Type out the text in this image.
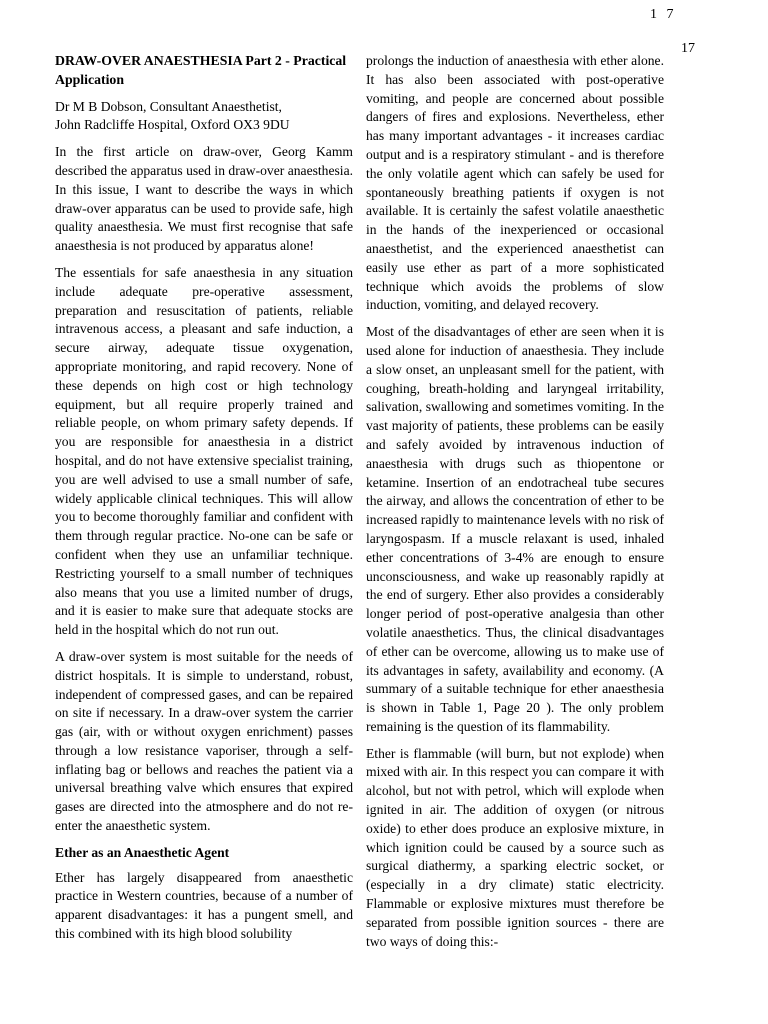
1 7
17
DRAW-OVER ANAESTHESIA Part 2 - Practical Application

Dr M B Dobson, Consultant Anaesthetist,

John Radcliffe Hospital, Oxford OX3 9DU

In the first article on draw-over, Georg Kamm described the apparatus used in draw-over anaesthesia. In this issue, I want to describe the ways in which draw-over apparatus can be used to provide safe, high quality anaesthesia. We must first recognise that safe anaesthesia is not produced by apparatus alone!

The essentials for safe anaesthesia in any situation include adequate pre-operative assessment, preparation and resuscitation of patients, reliable intravenous access, a pleasant and safe induction, a secure airway, adequate tissue oxygenation, appropriate monitoring, and rapid recovery. None of these depends on high cost or high technology equipment, but all require properly trained and reliable people, on whom primary safety depends. If you are responsible for anaesthesia in a district hospital, and do not have extensive specialist training, you are well advised to use a small number of safe, widely applicable clinical techniques. This will allow you to become thoroughly familiar and confident with them through regular practice. No-one can be safe or confident when they use an unfamiliar technique. Restricting yourself to a small number of techniques also means that you use a limited number of drugs, and it is easier to make sure that adequate stocks are held in the hospital which do not run out.

A draw-over system is most suitable for the needs of district hospitals. It is simple to understand, robust, independent of compressed gases, and can be repaired on site if necessary. In a draw-over system the carrier gas (air, with or without oxygen enrichment) passes through a low resistance vaporiser, through a self-inflating bag or bellows and reaches the patient via a universal breathing valve which ensures that expired gases are directed into the atmosphere and do not re-enter the anaesthetic system.

Ether as an Anaesthetic Agent

Ether has largely disappeared from anaesthetic practice in Western countries, because of a number of apparent disadvantages: it has a pungent smell, and this combined with its high blood solubility

prolongs the induction of anaesthesia with ether alone. It has also been associated with post-operative vomiting, and people are concerned about possible dangers of fires and explosions. Nevertheless, ether has many important advantages - it increases cardiac output and is a respiratory stimulant - and is therefore the only volatile agent which can safely be used for spontaneously breathing patients if oxygen is not available. It is certainly the safest volatile anaesthetic in the hands of the inexperienced or occasional anaesthetist, and the experienced anaesthetist can easily use ether as part of a more sophisticated technique which avoids the problems of slow induction, vomiting, and delayed recovery.

Most of the disadvantages of ether are seen when it is used alone for induction of anaesthesia. They include a slow onset, an unpleasant smell for the patient, with coughing, breath-holding and laryngeal irritability, salivation, swallowing and sometimes vomiting. In the vast majority of patients, these problems can be easily and safely avoided by intravenous induction of anaesthesia with drugs such as thiopentone or ketamine. Insertion of an endotracheal tube secures the airway, and allows the concentration of ether to be increased rapidly to maintenance levels with no risk of laryngospasm. If a muscle relaxant is used, inhaled ether concentrations of 3-4% are enough to ensure unconsciousness, and wake up reasonably rapidly at the end of surgery. Ether also provides a considerably longer period of post-operative analgesia than other volatile anaesthetics. Thus, the clinical disadvantages of ether can be overcome, allowing us to make use of its advantages in safety, availability and economy. (A summary of a suitable technique for ether anaesthesia is shown in Table 1, Page 20 ). The only problem remaining is the question of its flammability.

Ether is flammable (will burn, but not explode) when mixed with air. In this respect you can compare it with alcohol, but not with petrol, which will explode when ignited in air. The addition of oxygen (or nitrous oxide) to ether does produce an explosive mixture, in which ignition could be caused by a source such as surgical diathermy, a sparking electric socket, or (especially in a dry climate) static electricity. Flammable or explosive mixtures must therefore be separated from possible ignition sources - there are two ways of doing this:-
